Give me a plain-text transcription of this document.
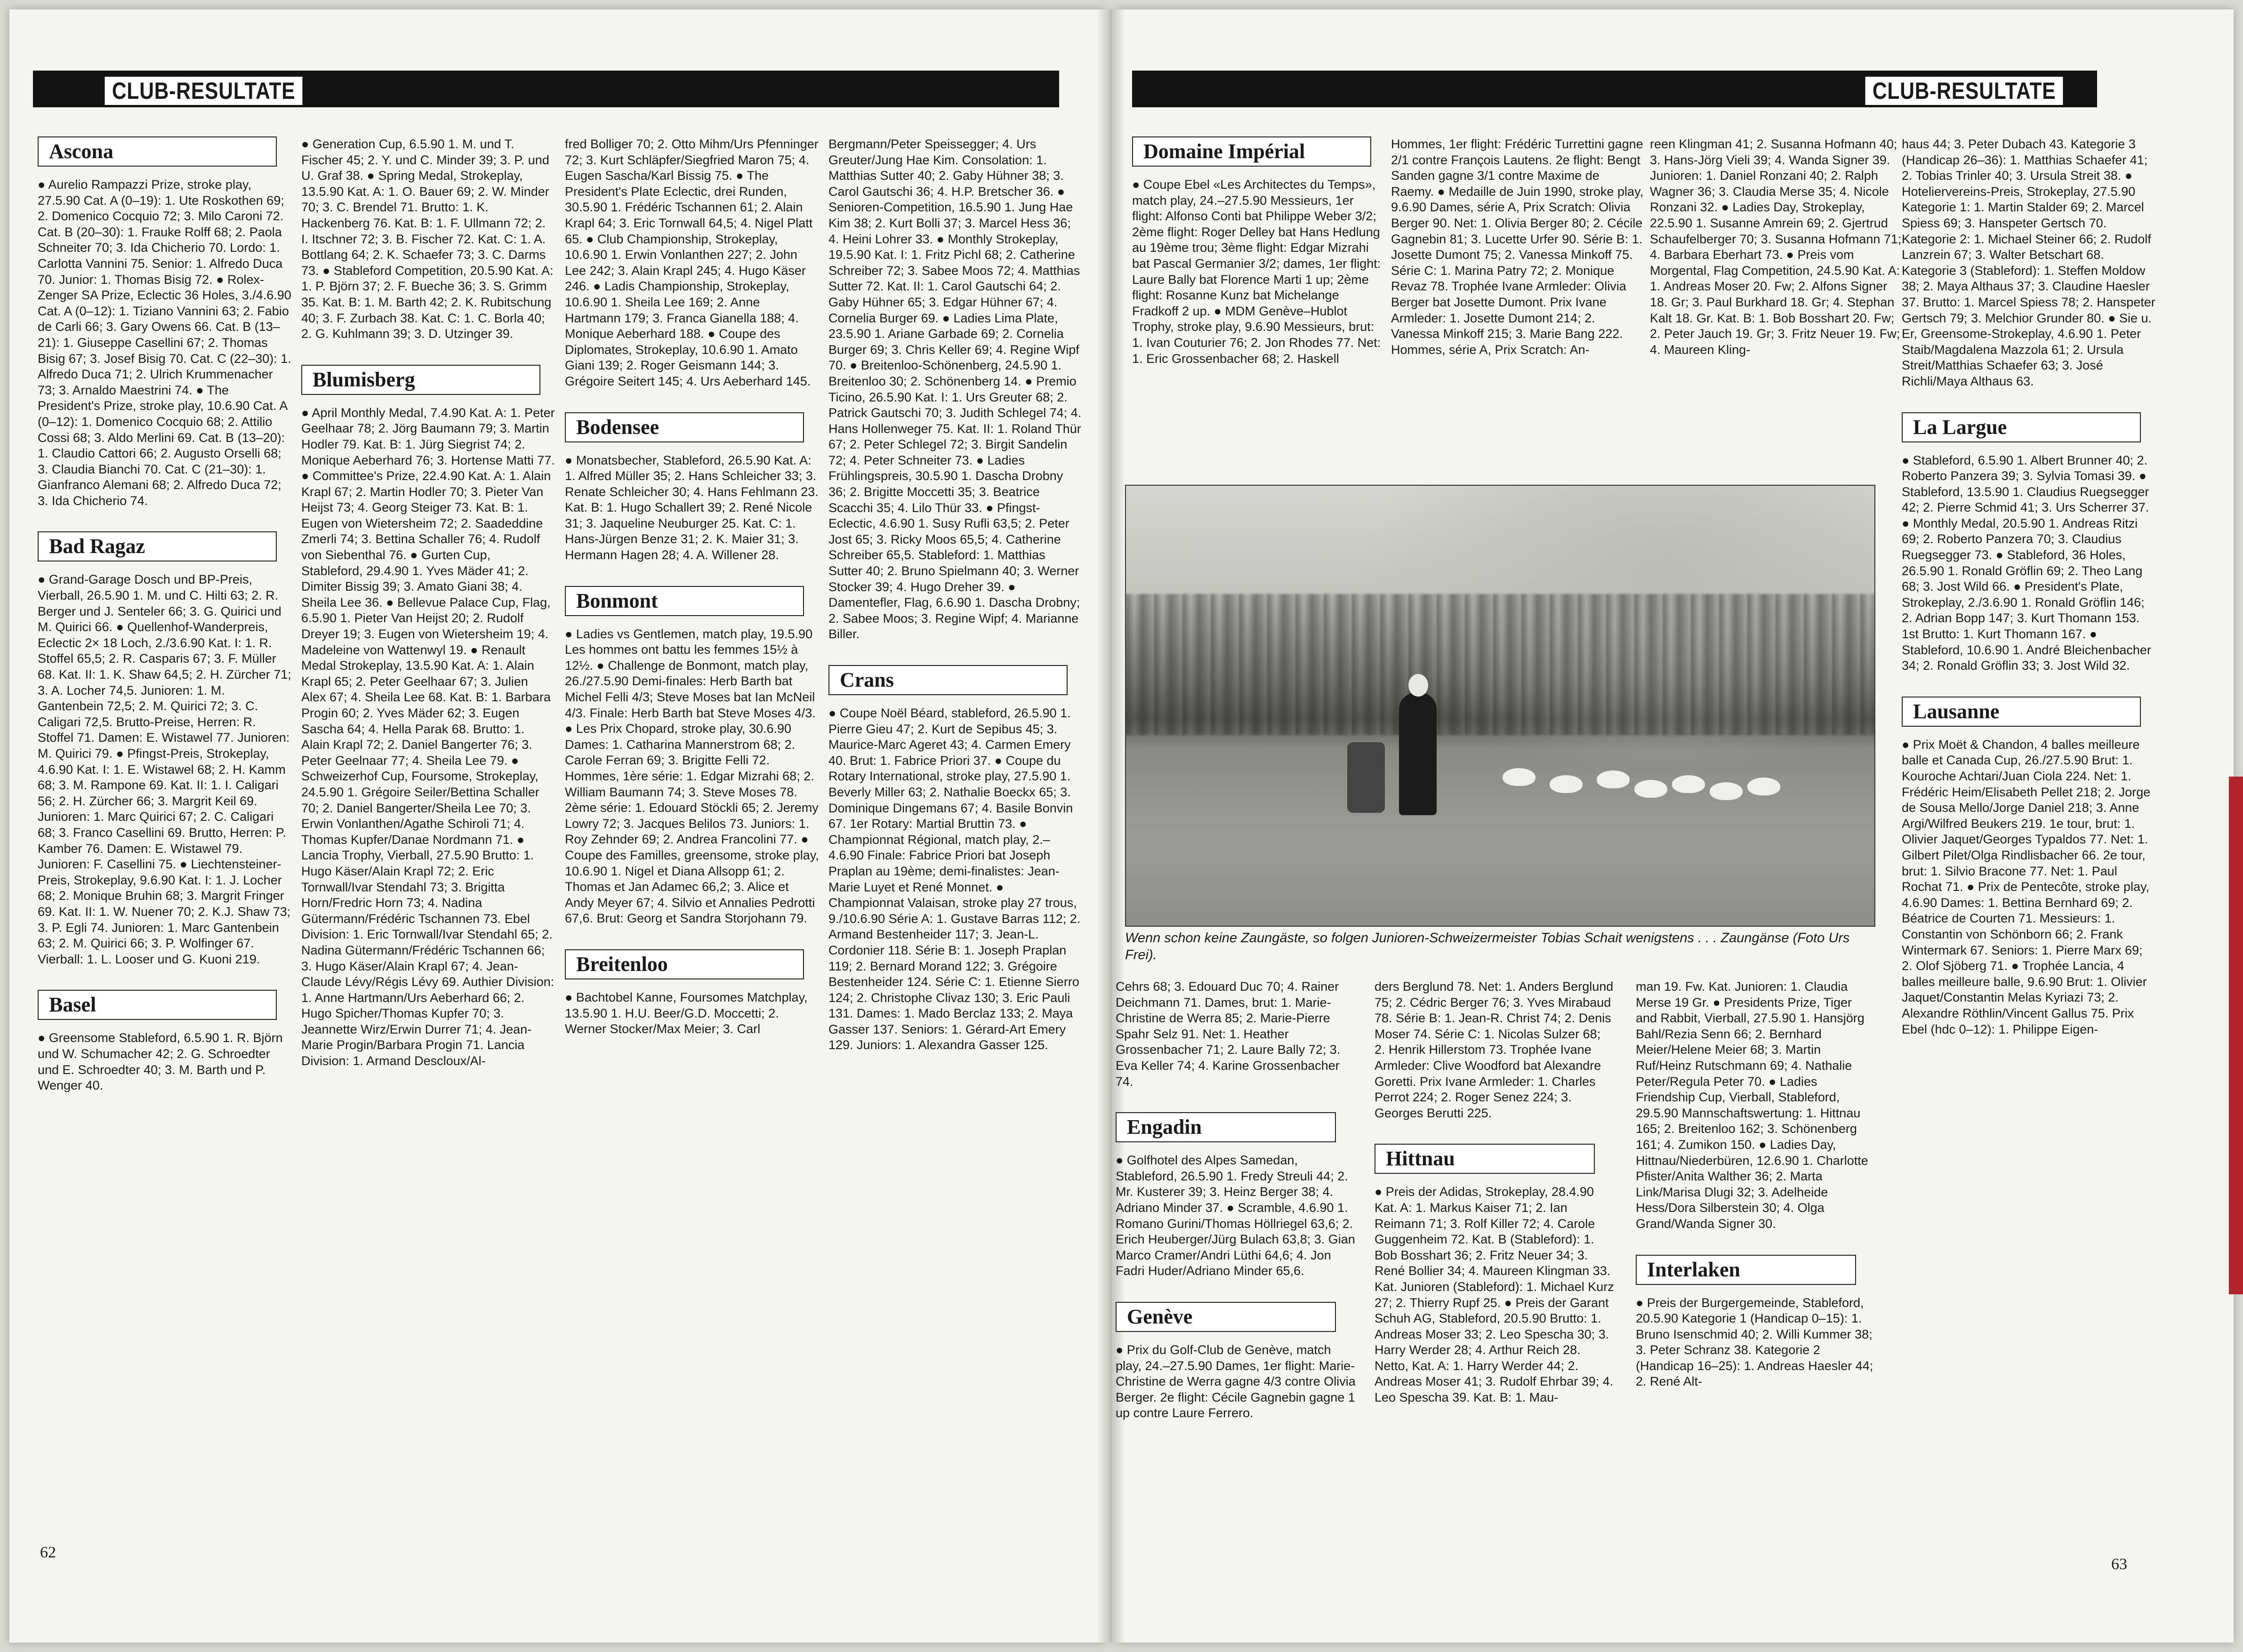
CLUB-RESULTATE	CLUB-RESULTATE
Ascona

● Aurelio Rampazzi Prize, stroke play, 27.5.90 Cat. A (0–19): 1. Ute Roskothen 69; 2. Domenico Cocquio 72; 3. Milo Caroni 72. Cat. B (20–30): 1. Frauke Rolff 68; 2. Paola Schneiter 70; 3. Ida Chicherio 70. Lordo: 1. Carlotta Vannini 75. Senior: 1. Alfredo Duca 70. Junior: 1. Thomas Bisig 72. ● Rolex-Zenger SA Prize, Eclectic 36 Holes, 3./4.6.90 Cat. A (0–12): 1. Tiziano Vannini 63; 2. Fabio de Carli 66; 3. Gary Owens 66. Cat. B (13–21): 1. Giuseppe Casellini 67; 2. Thomas Bisig 67; 3. Josef Bisig 70. Cat. C (22–30): 1. Alfredo Duca 71; 2. Ulrich Krummenacher 73; 3. Arnaldo Maestrini 74. ● The President's Prize, stroke play, 10.6.90 Cat. A (0–12): 1. Domenico Cocquio 68; 2. Attilio Cossi 68; 3. Aldo Merlini 69. Cat. B (13–20): 1. Claudio Cattori 66; 2. Augusto Orselli 68; 3. Claudia Bianchi 70. Cat. C (21–30): 1. Gianfranco Alemani 68; 2. Alfredo Duca 72; 3. Ida Chicherio 74.

Bad Ragaz

● Grand-Garage Dosch und BP-Preis, Vierball, 26.5.90 1. M. und C. Hilti 63; 2. R. Berger und J. Senteler 66; 3. G. Quirici und M. Quirici 66. ● Quellenhof-Wanderpreis, Eclectic 2× 18 Loch, 2./3.6.90 Kat. I: 1. R. Stoffel 65,5; 2. R. Casparis 67; 3. F. Müller 68. Kat. II: 1. K. Shaw 64,5; 2. H. Zürcher 71; 3. A. Locher 74,5. Junioren: 1. M. Gantenbein 72,5; 2. M. Quirici 72; 3. C. Caligari 72,5. Brutto-Preise, Herren: R. Stoffel 71. Damen: E. Wistawel 77. Junioren: M. Quirici 79. ● Pfingst-Preis, Strokeplay, 4.6.90 Kat. I: 1. E. Wistawel 68; 2. H. Kamm 68; 3. M. Rampone 69. Kat. II: 1. I. Caligari 56; 2. H. Zürcher 66; 3. Margrit Keil 69. Junioren: 1. Marc Quirici 67; 2. C. Caligari 68; 3. Franco Casellini 69. Brutto, Herren: P. Kamber 76. Damen: E. Wistawel 79. Junioren: F. Casellini 75. ● Liechtensteiner-Preis, Strokeplay, 9.6.90 Kat. I: 1. J. Locher 68; 2. Monique Bruhin 68; 3. Margrit Fringer 69. Kat. II: 1. W. Nuener 70; 2. K.J. Shaw 73; 3. P. Egli 74. Junioren: 1. Marc Gantenbein 63; 2. M. Quirici 66; 3. P. Wolfinger 67. Vierball: 1. L. Looser und G. Kuoni 219.

Basel

● Greensome Stableford, 6.5.90 1. R. Björn und W. Schumacher 42; 2. G. Schroedter und E. Schroedter 40; 3. M. Barth und P. Wenger 40.

● Generation Cup, 6.5.90 1. M. und T. Fischer 45; 2. Y. und C. Minder 39; 3. P. und U. Graf 38. ● Spring Medal, Strokeplay, 13.5.90 Kat. A: 1. O. Bauer 69; 2. W. Minder 70; 3. C. Brendel 71. Brutto: 1. K. Hackenberg 76. Kat. B: 1. F. Ullmann 72; 2. I. Itschner 72; 3. B. Fischer 72. Kat. C: 1. A. Bottlang 64; 2. K. Schaefer 73; 3. C. Darms 73. ● Stableford Competition, 20.5.90 Kat. A: 1. P. Björn 37; 2. F. Bueche 36; 3. S. Grimm 35. Kat. B: 1. M. Barth 42; 2. K. Rubitschung 40; 3. F. Zurbach 38. Kat. C: 1. C. Borla 40; 2. G. Kuhlmann 39; 3. D. Utzinger 39.

Blumisberg

● April Monthly Medal, 7.4.90 Kat. A: 1. Peter Geelhaar 78; 2. Jörg Baumann 79; 3. Martin Hodler 79. Kat. B: 1. Jürg Siegrist 74; 2. Monique Aeberhard 76; 3. Hortense Matti 77. ● Committee's Prize, 22.4.90 Kat. A: 1. Alain Krapl 67; 2. Martin Hodler 70; 3. Pieter Van Heijst 73; 4. Georg Steiger 73. Kat. B: 1. Eugen von Wietersheim 72; 2. Saadeddine Zmerli 74; 3. Bettina Schaller 76; 4. Rudolf von Siebenthal 76. ● Gurten Cup, Stableford, 29.4.90 1. Yves Mäder 41; 2. Dimiter Bissig 39; 3. Amato Giani 38; 4. Sheila Lee 36. ● Bellevue Palace Cup, Flag, 6.5.90 1. Pieter Van Heijst 20; 2. Rudolf Dreyer 19; 3. Eugen von Wietersheim 19; 4. Madeleine von Wattenwyl 19. ● Renault Medal Strokeplay, 13.5.90 Kat. A: 1. Alain Krapl 65; 2. Peter Geelhaar 67; 3. Julien Alex 67; 4. Sheila Lee 68. Kat. B: 1. Barbara Progin 60; 2. Yves Mäder 62; 3. Eugen Sascha 64; 4. Hella Parak 68. Brutto: 1. Alain Krapl 72; 2. Daniel Bangerter 76; 3. Peter Geelnaar 77; 4. Sheila Lee 79. ● Schweizerhof Cup, Foursome, Strokeplay, 24.5.90 1. Grégoire Seiler/Bettina Schaller 70; 2. Daniel Bangerter/Sheila Lee 70; 3. Erwin Vonlanthen/Agathe Schiroli 71; 4. Thomas Kupfer/Danae Nordmann 71. ● Lancia Trophy, Vierball, 27.5.90 Brutto: 1. Hugo Käser/Alain Krapl 72; 2. Eric Tornwall/Ivar Stendahl 73; 3. Brigitta Horn/Fredric Horn 73; 4. Nadina Gütermann/Frédéric Tschannen 73. Ebel Division: 1. Eric Tornwall/Ivar Stendahl 65; 2. Nadina Gütermann/Frédéric Tschannen 66; 3. Hugo Käser/Alain Krapl 67; 4. Jean-Claude Lévy/Régis Lévy 69. Authier Division: 1. Anne Hartmann/Urs Aeberhard 66; 2. Hugo Spicher/Thomas Kupfer 70; 3. Jeannette Wirz/Erwin Durrer 71; 4. Jean-Marie Progin/Barbara Progin 71. Lancia Division: 1. Armand Descloux/Al-

fred Bolliger 70; 2. Otto Mihm/Urs Pfenninger 72; 3. Kurt Schläpfer/Siegfried Maron 75; 4. Eugen Sascha/Karl Bissig 75. ● The President's Plate Eclectic, drei Runden, 30.5.90 1. Frédéric Tschannen 61; 2. Alain Krapl 64; 3. Eric Tornwall 64,5; 4. Nigel Platt 65. ● Club Championship, Strokeplay, 10.6.90 1. Erwin Vonlanthen 227; 2. John Lee 242; 3. Alain Krapl 245; 4. Hugo Käser 246. ● Ladis Championship, Strokeplay, 10.6.90 1. Sheila Lee 169; 2. Anne Hartmann 179; 3. Franca Gianella 188; 4. Monique Aeberhard 188. ● Coupe des Diplomates, Strokeplay, 10.6.90 1. Amato Giani 139; 2. Roger Geismann 144; 3. Grégoire Seitert 145; 4. Urs Aeberhard 145.

Bodensee

● Monatsbecher, Stableford, 26.5.90 Kat. A: 1. Alfred Müller 35; 2. Hans Schleicher 33; 3. Renate Schleicher 30; 4. Hans Fehlmann 23. Kat. B: 1. Hugo Schallert 39; 2. René Nicole 31; 3. Jaqueline Neuburger 25. Kat. C: 1. Hans-Jürgen Benze 31; 2. K. Maier 31; 3. Hermann Hagen 28; 4. A. Willener 28.

Bonmont

● Ladies vs Gentlemen, match play, 19.5.90 Les hommes ont battu les femmes 15½ à 12½. ● Challenge de Bonmont, match play, 26./27.5.90 Demi-finales: Herb Barth bat Michel Felli 4/3; Steve Moses bat Ian McNeil 4/3. Finale: Herb Barth bat Steve Moses 4/3. ● Les Prix Chopard, stroke play, 30.6.90 Dames: 1. Catharina Mannerstrom 68; 2. Carole Ferran 69; 3. Brigitte Felli 72. Hommes, 1ère série: 1. Edgar Mizrahi 68; 2. William Baumann 74; 3. Steve Moses 78. 2ème série: 1. Edouard Stöckli 65; 2. Jeremy Lowry 72; 3. Jacques Belilos 73. Juniors: 1. Roy Zehnder 69; 2. Andrea Francolini 77. ● Coupe des Familles, greensome, stroke play, 10.6.90 1. Nigel et Diana Allsopp 61; 2. Thomas et Jan Adamec 66,2; 3. Alice et Andy Meyer 67; 4. Silvio et Annalies Pedrotti 67,6. Brut: Georg et Sandra Storjohann 79.

Breitenloo

● Bachtobel Kanne, Foursomes Matchplay, 13.5.90 1. H.U. Beer/G.D. Moccetti; 2. Werner Stocker/Max Meier; 3. Carl

Bergmann/Peter Speissegger; 4. Urs Greuter/Jung Hae Kim. Consolation: 1. Matthias Sutter 40; 2. Gaby Hühner 38; 3. Carol Gautschi 36; 4. H.P. Bretscher 36. ● Senioren-Competition, 16.5.90 1. Jung Hae Kim 38; 2. Kurt Bolli 37; 3. Marcel Hess 36; 4. Heini Lohrer 33. ● Monthly Strokeplay, 19.5.90 Kat. I: 1. Fritz Pichl 68; 2. Catherine Schreiber 72; 3. Sabee Moos 72; 4. Matthias Sutter 72. Kat. II: 1. Carol Gautschi 64; 2. Gaby Hühner 65; 3. Edgar Hühner 67; 4. Cornelia Burger 69. ● Ladies Lima Plate, 23.5.90 1. Ariane Garbade 69; 2. Cornelia Burger 69; 3. Chris Keller 69; 4. Regine Wipf 70. ● Breitenloo-Schönenberg, 24.5.90 1. Breitenloo 30; 2. Schönenberg 14. ● Premio Ticino, 26.5.90 Kat. I: 1. Urs Greuter 68; 2. Patrick Gautschi 70; 3. Judith Schlegel 74; 4. Hans Hollenweger 75. Kat. II: 1. Roland Thür 67; 2. Peter Schlegel 72; 3. Birgit Sandelin 72; 4. Peter Schneiter 73. ● Ladies Frühlingspreis, 30.5.90 1. Dascha Drobny 36; 2. Brigitte Moccetti 35; 3. Beatrice Scacchi 35; 4. Lilo Thür 33. ● Pfingst-Eclectic, 4.6.90 1. Susy Rufli 63,5; 2. Peter Jost 65; 3. Ricky Moos 65,5; 4. Catherine Schreiber 65,5. Stableford: 1. Matthias Sutter 40; 2. Bruno Spielmann 40; 3. Werner Stocker 39; 4. Hugo Dreher 39. ● Damentefler, Flag, 6.6.90 1. Dascha Drobny; 2. Sabee Moos; 3. Regine Wipf; 4. Marianne Biller.

Crans

● Coupe Noël Béard, stableford, 26.5.90 1. Pierre Gieu 47; 2. Kurt de Sepibus 45; 3. Maurice-Marc Ageret 43; 4. Carmen Emery 40. Brut: 1. Fabrice Priori 37. ● Coupe du Rotary International, stroke play, 27.5.90 1. Beverly Miller 63; 2. Nathalie Boeckx 65; 3. Dominique Dingemans 67; 4. Basile Bonvin 67. 1er Rotary: Martial Bruttin 73. ● Championnat Régional, match play, 2.–4.6.90 Finale: Fabrice Priori bat Joseph Praplan au 19ème; demi-finalistes: Jean-Marie Luyet et René Monnet. ● Championnat Valaisan, stroke play 27 trous, 9./10.6.90 Série A: 1. Gustave Barras 112; 2. Armand Bestenheider 117; 3. Jean-L. Cordonier 118. Série B: 1. Joseph Praplan 119; 2. Bernard Morand 122; 3. Grégoire Bestenheider 124. Série C: 1. Etienne Sierro 124; 2. Christophe Clivaz 130; 3. Eric Pauli 131. Dames: 1. Mado Berclaz 133; 2. Maya Gasser 137. Seniors: 1. Gérard-Art Emery 129. Juniors: 1. Alexandra Gasser 125.

62
Domaine Impérial

● Coupe Ebel «Les Architectes du Temps», match play, 24.–27.5.90 Messieurs, 1er flight: Alfonso Conti bat Philippe Weber 3/2; 2ème flight: Roger Delley bat Hans Hedlung au 19ème trou; 3ème flight: Edgar Mizrahi bat Pascal Germanier 3/2; dames, 1er flight: Laure Bally bat Florence Marti 1 up; 2ème flight: Rosanne Kunz bat Michelange Fradkoff 2 up. ● MDM Genève–Hublot Trophy, stroke play, 9.6.90 Messieurs, brut: 1. Ivan Couturier 76; 2. Jon Rhodes 77. Net: 1. Eric Grossenbacher 68; 2. Haskell

Hommes, 1er flight: Frédéric Turrettini gagne 2/1 contre François Lautens. 2e flight: Bengt Sanden gagne 3/1 contre Maxime de Raemy. ● Medaille de Juin 1990, stroke play, 9.6.90 Dames, série A, Prix Scratch: Olivia Berger 90. Net: 1. Olivia Berger 80; 2. Cécile Gagnebin 81; 3. Lucette Urfer 90. Série B: 1. Josette Dumont 75; 2. Vanessa Minkoff 75. Série C: 1. Marina Patry 72; 2. Monique Revaz 78. Trophée Ivane Armleder: Olivia Berger bat Josette Dumont. Prix Ivane Armleder: 1. Josette Dumont 214; 2. Vanessa Minkoff 215; 3. Marie Bang 222. Hommes, série A, Prix Scratch: An-

reen Klingman 41; 2. Susanna Hofmann 40; 3. Hans-Jörg Vieli 39; 4. Wanda Signer 39. Junioren: 1. Daniel Ronzani 40; 2. Ralph Wagner 36; 3. Claudia Merse 35; 4. Nicole Ronzani 32. ● Ladies Day, Strokeplay, 22.5.90 1. Susanne Amrein 69; 2. Gjertrud Schaufelberger 70; 3. Susanna Hofmann 71; 4. Barbara Eberhart 73. ● Preis vom Morgental, Flag Competition, 24.5.90 Kat. A: 1. Andreas Moser 20. Fw; 2. Alfons Signer 18. Gr; 3. Paul Burkhard 18. Gr; 4. Stephan Kalt 18. Gr. Kat. B: 1. Bob Bosshart 20. Fw; 2. Peter Jauch 19. Gr; 3. Fritz Neuer 19. Fw; 4. Maureen Kling-

haus 44; 3. Peter Dubach 43. Kategorie 3 (Handicap 26–36): 1. Matthias Schaefer 41; 2. Tobias Trinler 40; 3. Ursula Streit 38. ● Hoteliervereins-Preis, Strokeplay, 27.5.90 Kategorie 1: 1. Martin Stalder 69; 2. Marcel Spiess 69; 3. Hanspeter Gertsch 70. Kategorie 2: 1. Michael Steiner 66; 2. Rudolf Lanzrein 67; 3. Walter Betschart 68. Kategorie 3 (Stableford): 1. Steffen Moldow 38; 2. Maya Althaus 37; 3. Claudine Haesler 37. Brutto: 1. Marcel Spiess 78; 2. Hanspeter Gertsch 79; 3. Melchior Grunder 80. ● Sie u. Er, Greensome-Strokeplay, 4.6.90 1. Peter Staib/Magdalena Mazzola 61; 2. Ursula Streit/Matthias Schaefer 63; 3. José Richli/Maya Althaus 63.

La Largue

● Stableford, 6.5.90 1. Albert Brunner 40; 2. Roberto Panzera 39; 3. Sylvia Tomasi 39. ● Stableford, 13.5.90 1. Claudius Ruegsegger 42; 2. Pierre Schmid 41; 3. Urs Scherrer 37. ● Monthly Medal, 20.5.90 1. Andreas Ritzi 69; 2. Roberto Panzera 70; 3. Claudius Ruegsegger 73. ● Stableford, 36 Holes, 26.5.90 1. Ronald Gröflin 69; 2. Theo Lang 68; 3. Jost Wild 66. ● President's Plate, Strokeplay, 2./3.6.90 1. Ronald Gröflin 146; 2. Adrian Bopp 147; 3. Kurt Thomann 153. 1st Brutto: 1. Kurt Thomann 167. ● Stableford, 10.6.90 1. André Bleichenbacher 34; 2. Ronald Gröflin 33; 3. Jost Wild 32.

Lausanne

● Prix Moët & Chandon, 4 balles meilleure balle et Canada Cup, 26./27.5.90 Brut: 1. Kouroche Achtari/Juan Ciola 224. Net: 1. Frédéric Heim/Elisabeth Pellet 218; 2. Jorge de Sousa Mello/Jorge Daniel 218; 3. Anne Argi/Wilfred Beukers 219. 1e tour, brut: 1. Olivier Jaquet/Georges Typaldos 77. Net: 1. Gilbert Pilet/Olga Rindlisbacher 66. 2e tour, brut: 1. Silvio Bracone 77. Net: 1. Paul Rochat 71. ● Prix de Pentecôte, stroke play, 4.6.90 Dames: 1. Bettina Bernhard 69; 2. Béatrice de Courten 71. Messieurs: 1. Constantin von Schönborn 66; 2. Frank Wintermark 67. Seniors: 1. Pierre Marx 69; 2. Olof Sjöberg 71. ● Trophée Lancia, 4 balles meilleure balle, 9.6.90 Brut: 1. Olivier Jaquet/Constantin Melas Kyriazi 73; 2. Alexandre Röthlin/Vincent Gallus 75. Prix Ebel (hdc 0–12): 1. Philippe Eigen-

Wenn schon keine Zaungäste, so folgen Junioren-Schweizermeister Tobias Schait wenigstens . . . Zaungänse (Foto Urs Frei).

Cehrs 68; 3. Edouard Duc 70; 4. Rainer Deichmann 71. Dames, brut: 1. Marie-Christine de Werra 85; 2. Marie-Pierre Spahr Selz 91. Net: 1. Heather Grossenbacher 71; 2. Laure Bally 72; 3. Eva Keller 74; 4. Karine Grossenbacher 74.

Engadin

● Golfhotel des Alpes Samedan, Stableford, 26.5.90 1. Fredy Streuli 44; 2. Mr. Kusterer 39; 3. Heinz Berger 38; 4. Adriano Minder 37. ● Scramble, 4.6.90 1. Romano Gurini/Thomas Höllriegel 63,6; 2. Erich Heuberger/Jürg Bulach 63,8; 3. Gian Marco Cramer/Andri Lüthi 64,6; 4. Jon Fadri Huder/Adriano Minder 65,6.

Genève

● Prix du Golf-Club de Genève, match play, 24.–27.5.90 Dames, 1er flight: Marie-Christine de Werra gagne 4/3 contre Olivia Berger. 2e flight: Cécile Gagnebin gagne 1 up contre Laure Ferrero.

ders Berglund 78. Net: 1. Anders Berglund 75; 2. Cédric Berger 76; 3. Yves Mirabaud 78. Série B: 1. Jean-R. Christ 74; 2. Denis Moser 74. Série C: 1. Nicolas Sulzer 68; 2. Henrik Hillerstom 73. Trophée Ivane Armleder: Clive Woodford bat Alexandre Goretti. Prix Ivane Armleder: 1. Charles Perrot 224; 2. Roger Senez 224; 3. Georges Berutti 225.

Hittnau

● Preis der Adidas, Strokeplay, 28.4.90 Kat. A: 1. Markus Kaiser 71; 2. Ian Reimann 71; 3. Rolf Killer 72; 4. Carole Guggenheim 72. Kat. B (Stableford): 1. Bob Bosshart 36; 2. Fritz Neuer 34; 3. René Bollier 34; 4. Maureen Klingman 33. Kat. Junioren (Stableford): 1. Michael Kurz 27; 2. Thierry Rupf 25. ● Preis der Garant Schuh AG, Stableford, 20.5.90 Brutto: 1. Andreas Moser 33; 2. Leo Spescha 30; 3. Harry Werder 28; 4. Arthur Reich 28. Netto, Kat. A: 1. Harry Werder 44; 2. Andreas Moser 41; 3. Rudolf Ehrbar 39; 4. Leo Spescha 39. Kat. B: 1. Mau-

man 19. Fw. Kat. Junioren: 1. Claudia Merse 19 Gr. ● Presidents Prize, Tiger and Rabbit, Vierball, 27.5.90 1. Hansjörg Bahl/Rezia Senn 66; 2. Bernhard Meier/Helene Meier 68; 3. Martin Ruf/Heinz Rutschmann 69; 4. Nathalie Peter/Regula Peter 70. ● Ladies Friendship Cup, Vierball, Stableford, 29.5.90 Mannschaftswertung: 1. Hittnau 165; 2. Breitenloo 162; 3. Schönenberg 161; 4. Zumikon 150. ● Ladies Day, Hittnau/Niederbüren, 12.6.90 1. Charlotte Pfister/Anita Walther 36; 2. Marta Link/Marisa Dlugi 32; 3. Adelheide Hess/Dora Silberstein 30; 4. Olga Grand/Wanda Signer 30.

Interlaken

● Preis der Burgergemeinde, Stableford, 20.5.90 Kategorie 1 (Handicap 0–15): 1. Bruno Isenschmid 40; 2. Willi Kummer 38; 3. Peter Schranz 38. Kategorie 2 (Handicap 16–25): 1. Andreas Haesler 44; 2. René Alt-

63
